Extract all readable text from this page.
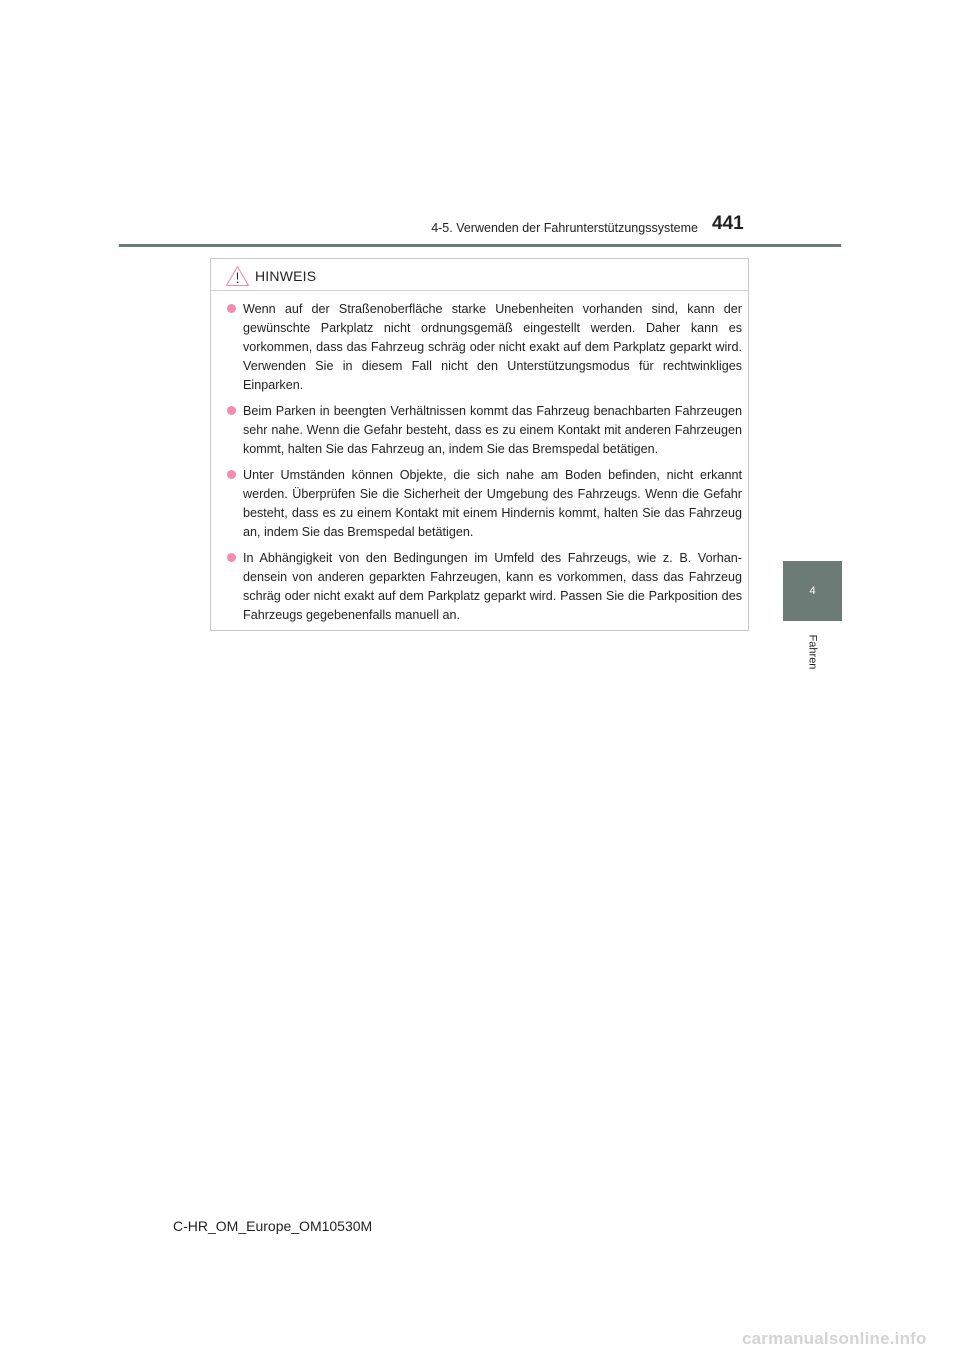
4-5. Verwenden der Fahrunterstützungssysteme 441
4
Fahren
HINWEIS
Wenn auf der Straßenoberfläche starke Unebenheiten vorhanden sind, kann der gewünschte Parkplatz nicht ordnungsgemäß eingestellt werden. Daher kann es vorkommen, dass das Fahrzeug schräg oder nicht exakt auf dem Parkplatz geparkt wird. Verwenden Sie in diesem Fall nicht den Unterstützungsmodus für rechtwinkliges Einparken.
Beim Parken in beengten Verhältnissen kommt das Fahrzeug benachbarten Fahrzeugen sehr nahe. Wenn die Gefahr besteht, dass es zu einem Kontakt mit anderen Fahrzeugen kommt, halten Sie das Fahrzeug an, indem Sie das Bremspedal betätigen.
Unter Umständen können Objekte, die sich nahe am Boden befinden, nicht erkannt werden. Überprüfen Sie die Sicherheit der Umgebung des Fahrzeugs. Wenn die Gefahr besteht, dass es zu einem Kontakt mit einem Hindernis kommt, halten Sie das Fahrzeug an, indem Sie das Bremspedal betätigen.
In Abhängigkeit von den Bedingungen im Umfeld des Fahrzeugs, wie z. B. Vorhandensein von anderen geparkten Fahrzeugen, kann es vorkommen, dass das Fahrzeug schräg oder nicht exakt auf dem Parkplatz geparkt wird. Passen Sie die Parkposition des Fahrzeugs gegebenenfalls manuell an.
C-HR_OM_Europe_OM10530M
carmanualsonline.info
